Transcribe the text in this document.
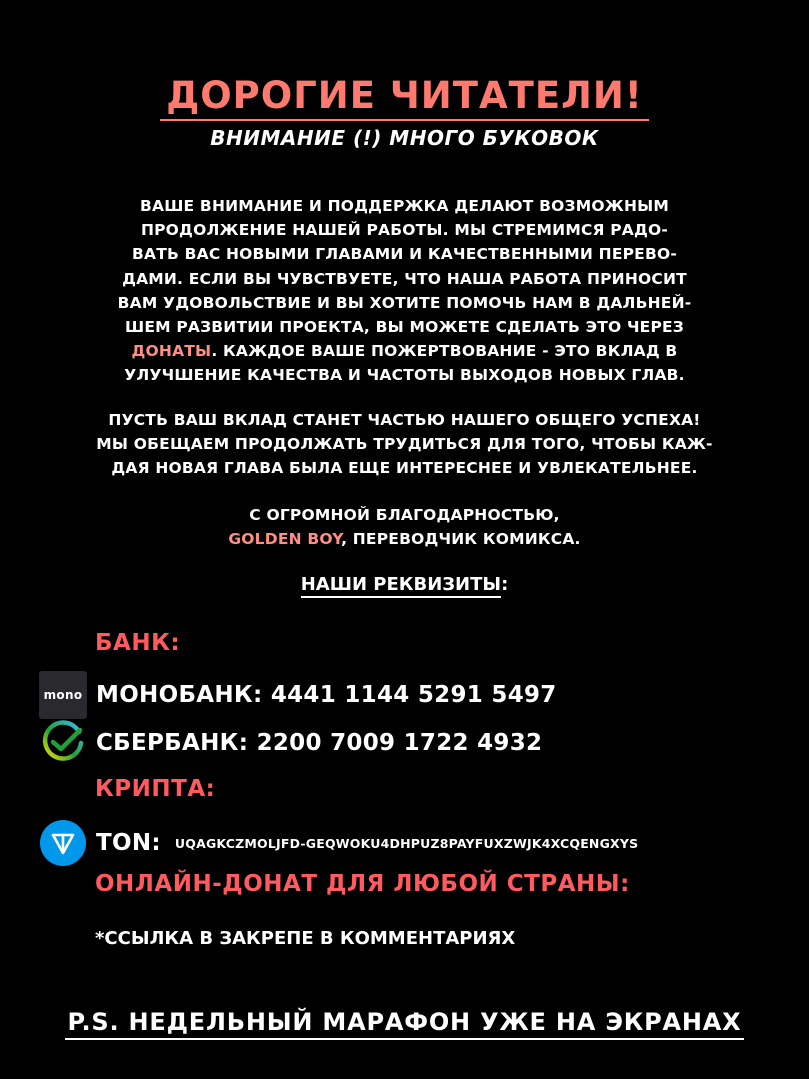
ДОРОГИЕ ЧИТАТЕЛИ!
ВНИМАНИЕ (!) МНОГО БУКОВОК
ВАШЕ ВНИМАНИЕ И ПОДДЕРЖКА ДЕЛАЮТ ВОЗМОЖНЫМ
ПРОДОЛЖЕНИЕ НАШЕЙ РАБОТЫ. МЫ СТРЕМИМСЯ РАДО-
ВАТЬ ВАС НОВЫМИ ГЛАВАМИ И КАЧЕСТВЕННЫМИ ПЕРЕВО-
ДАМИ. ЕСЛИ ВЫ ЧУВСТВУЕТЕ, ЧТО НАША РАБОТА ПРИНОСИТ
ВАМ УДОВОЛЬСТВИЕ И ВЫ ХОТИТЕ ПОМОЧЬ НАМ В ДАЛЬНЕЙ-
ШЕМ РАЗВИТИИ ПРОЕКТА, ВЫ МОЖЕТЕ СДЕЛАТЬ ЭТО ЧЕРЕЗ
ДОНАТЫ. КАЖДОЕ ВАШЕ ПОЖЕРТВОВАНИЕ - ЭТО ВКЛАД В
УЛУЧШЕНИЕ КАЧЕСТВА И ЧАСТОТЫ ВЫХОДОВ НОВЫХ ГЛАВ.
ПУСТЬ ВАШ ВКЛАД СТАНЕТ ЧАСТЬЮ НАШЕГО ОБЩЕГО УСПЕХА!
МЫ ОБЕЩАЕМ ПРОДОЛЖАТЬ ТРУДИТЬСЯ ДЛЯ ТОГО, ЧТОБЫ КАЖ-
ДАЯ НОВАЯ ГЛАВА БЫЛА ЕЩЕ ИНТЕРЕСНЕЕ И УВЛЕКАТЕЛЬНЕЕ.
С ОГРОМНОЙ БЛАГОДАРНОСТЬЮ,
GOLDEN BOY, ПЕРЕВОДЧИК КОМИКСА.
НАШИ РЕКВИЗИТЫ:
БАНК:
mono МОНОБАНК: 4441 1144 5291 5497
СБЕРБАНК: 2200 7009 1722 4932
КРИПТА:
TON: UQAGKCZMOLJFD-GEQWOKU4DHPUZ8PAYFUXZWJK4XCQENGXYS
ОНЛАЙН-ДОНАТ ДЛЯ ЛЮБОЙ СТРАНЫ:
*ССЫЛКА В ЗАКРЕПЕ В КОММЕНТАРИЯХ
P.S. НЕДЕЛЬНЫЙ МАРАФОН УЖЕ НА ЭКРАНАХ
